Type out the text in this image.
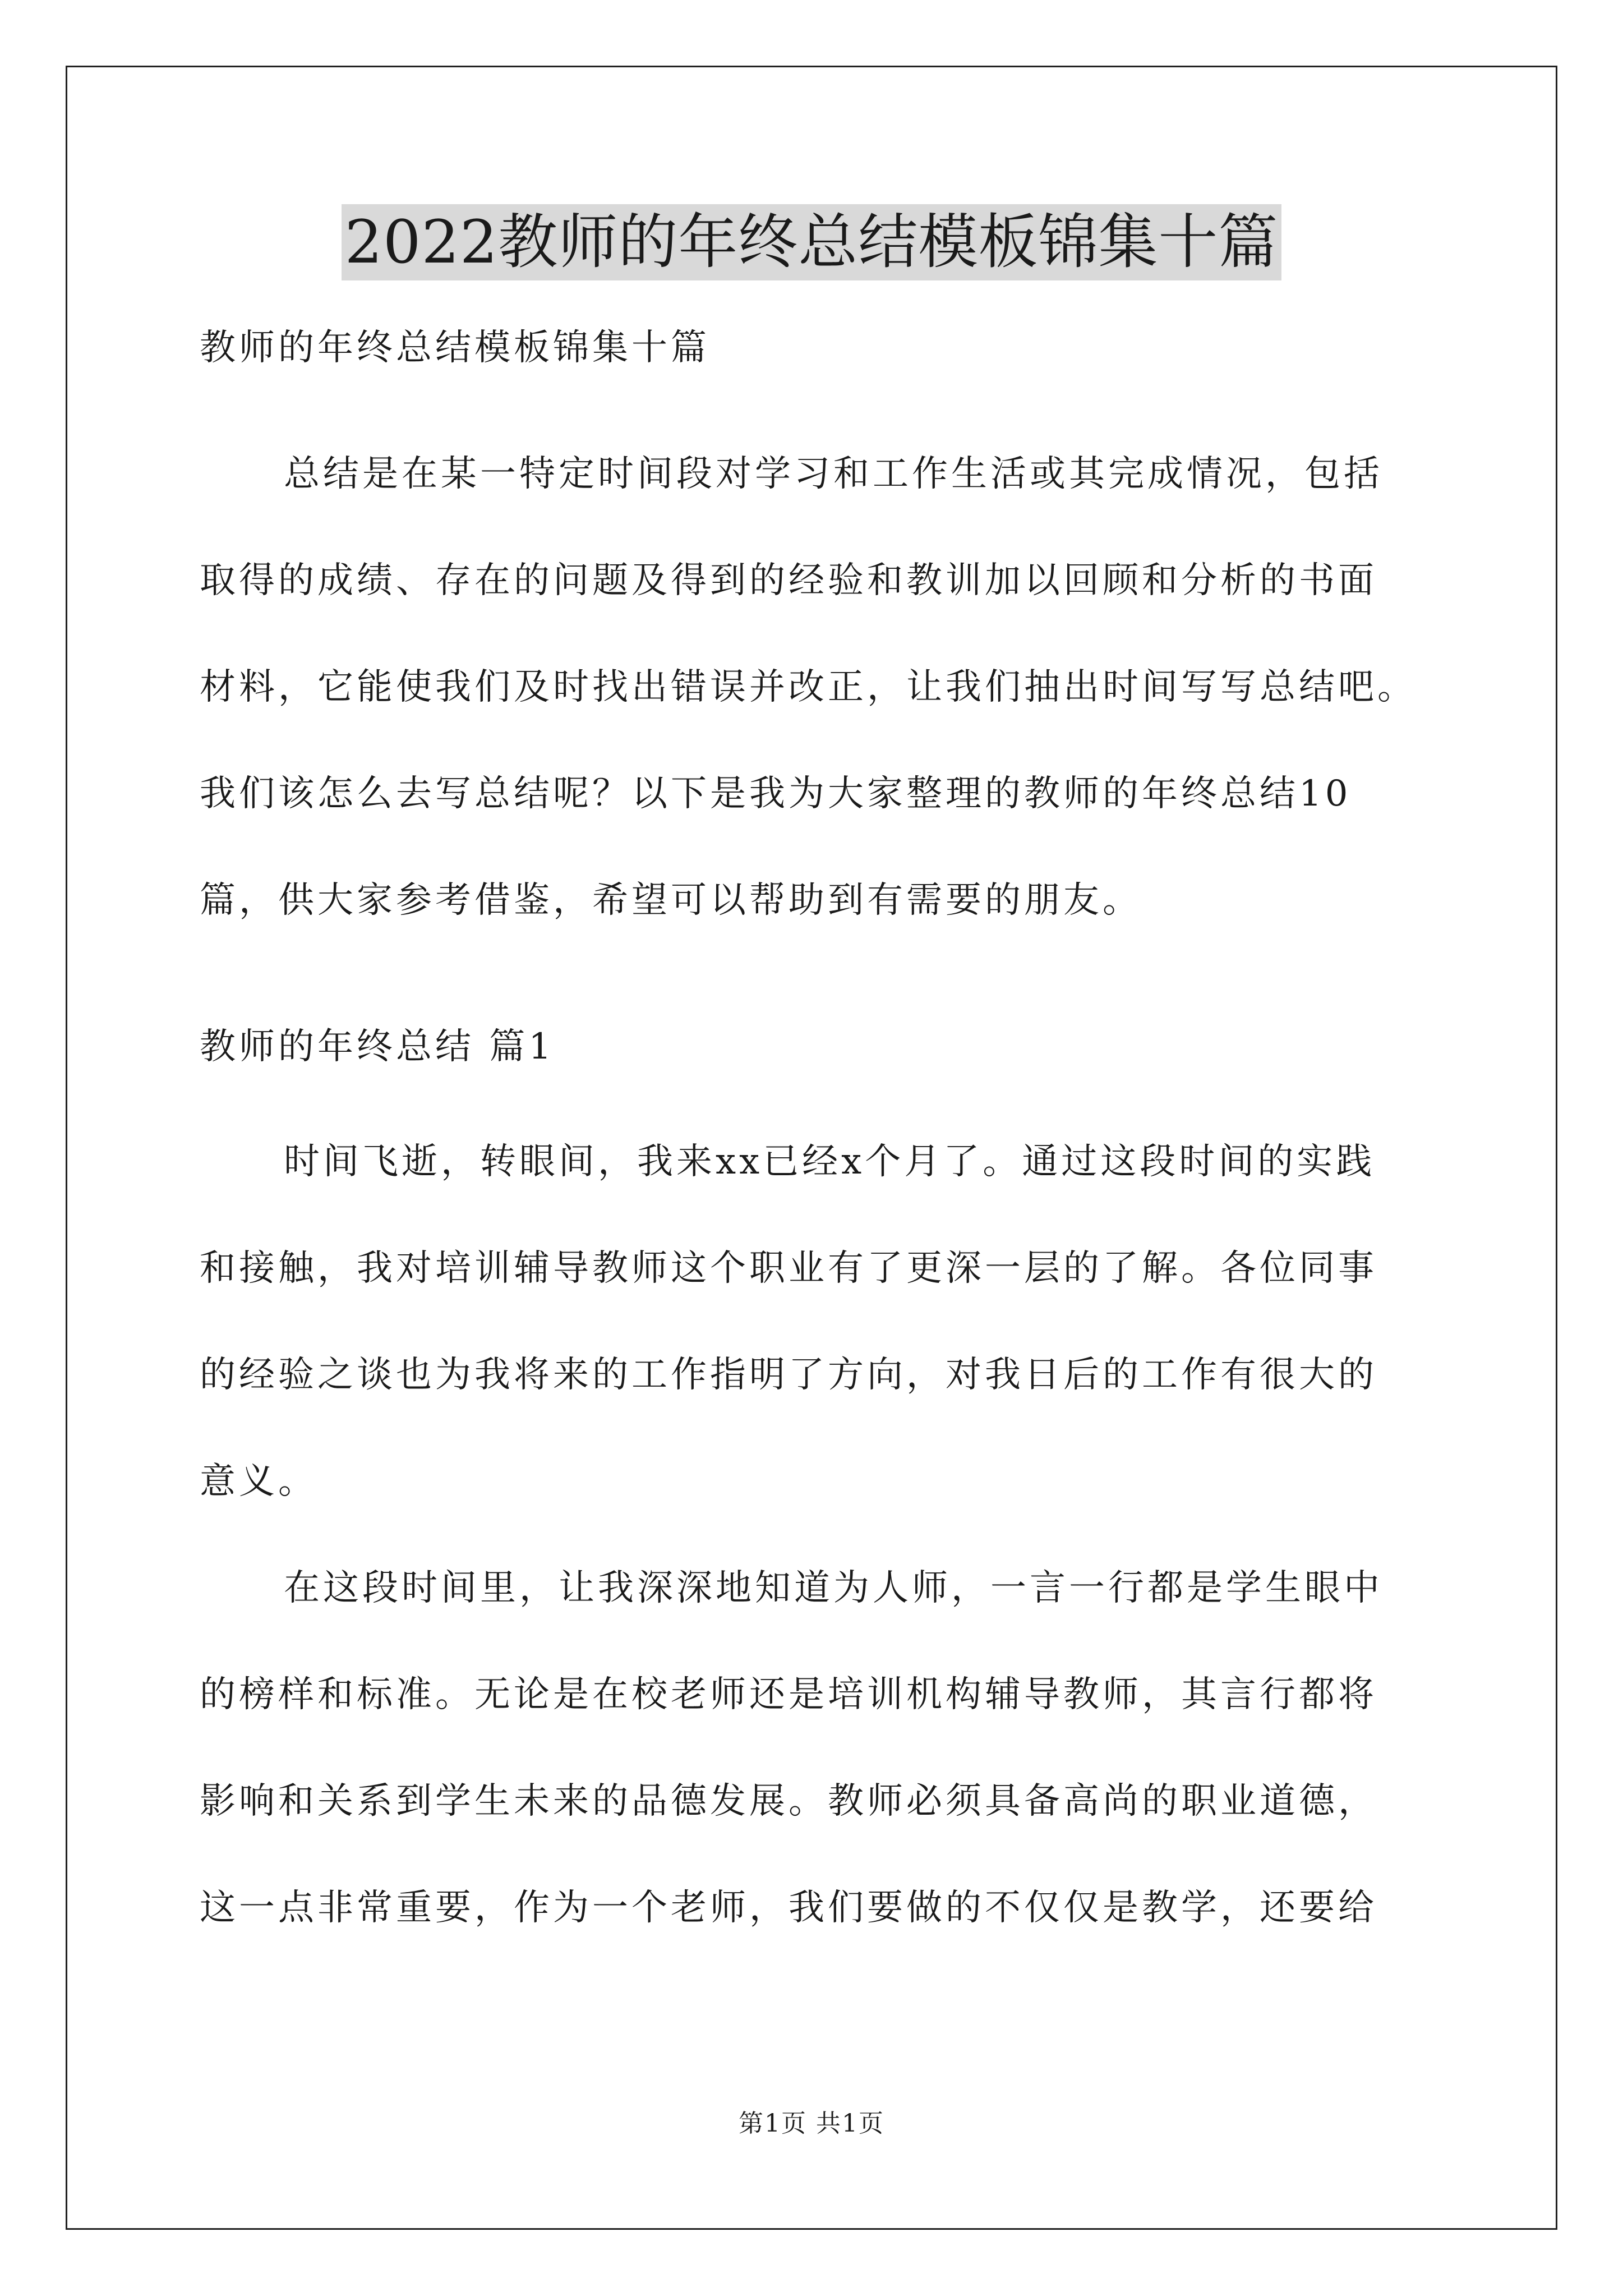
2022教师的年终总结模板锦集十篇

教师的年终总结模板锦集十篇

总结是在某一特定时间段对学习和工作生活或其完成情况，包括
取得的成绩、存在的问题及得到的经验和教训加以回顾和分析的书面
材料，它能使我们及时找出错误并改正，让我们抽出时间写写总结吧。
我们该怎么去写总结呢？以下是我为大家整理的教师的年终总结10
篇，供大家参考借鉴，希望可以帮助到有需要的朋友。

教师的年终总结 篇1

时间飞逝，转眼间，我来xx已经x个月了。通过这段时间的实践
和接触，我对培训辅导教师这个职业有了更深一层的了解。各位同事
的经验之谈也为我将来的工作指明了方向，对我日后的工作有很大的
意义。
在这段时间里，让我深深地知道为人师，一言一行都是学生眼中
的榜样和标准。无论是在校老师还是培训机构辅导教师，其言行都将
影响和关系到学生未来的品德发展。教师必须具备高尚的职业道德，
这一点非常重要，作为一个老师，我们要做的不仅仅是教学，还要给
第1页 共1页
